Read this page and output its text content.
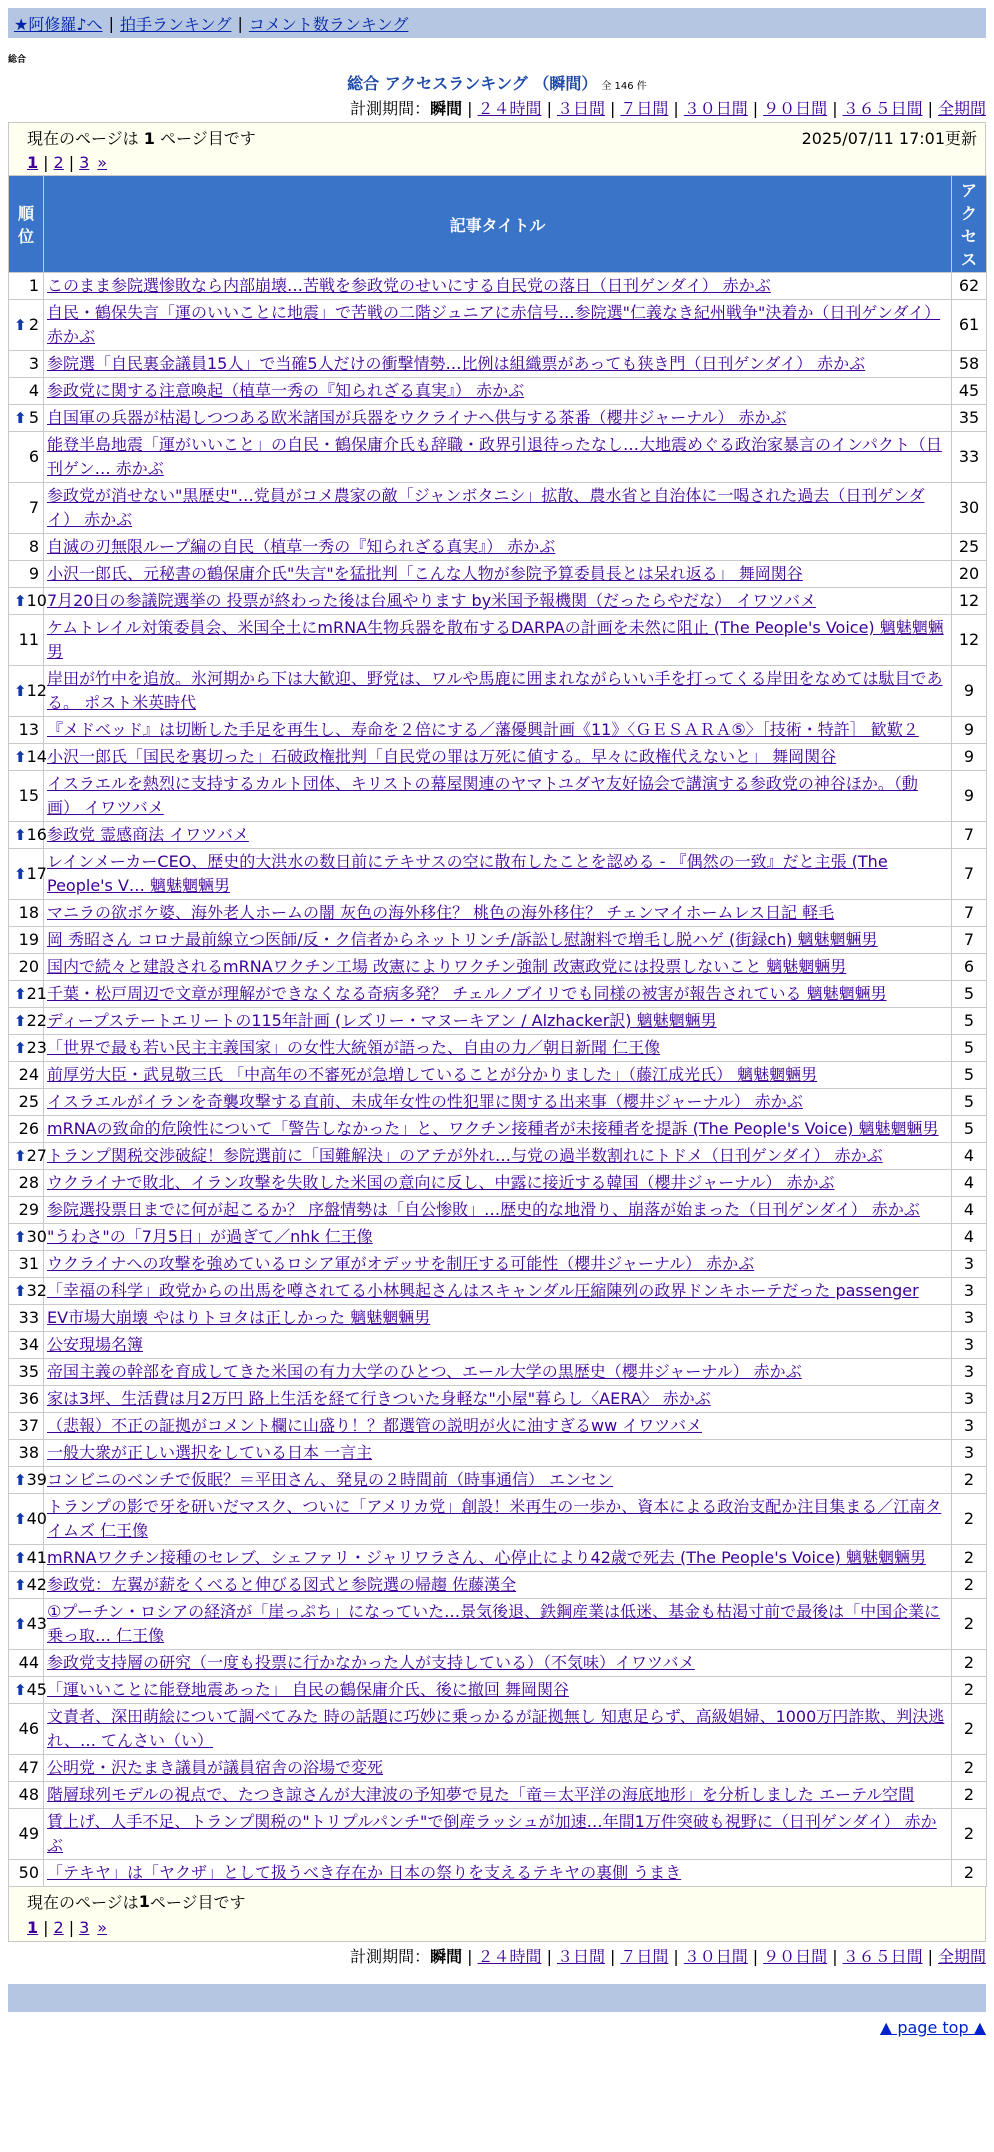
★阿修羅♪へ | 拍手ランキング | コメント数ランキング
総合
総合 アクセスランキング （瞬間） 全 146 件
計測期間：瞬間 | ２４時間 | ３日間 | ７日間 | ３０日間 | ９０日間 | ３６５日間 | 全期間
現在のページは 1 ページ目です	2025/07/11 17:01更新
1 | 2 | 3 »
順位	記事タイトル	アクセス
1	このまま参院選惨敗なら内部崩壊…苦戦を参政党のせいにする自民党の落日（日刊ゲンダイ） 赤かぶ	62

⬆ 2	自民・鶴保失言「運のいいことに地震」で苦戦の二階ジュニアに赤信号…参院選"仁義なき紀州戦争"決着か（日刊ゲンダイ） 赤かぶ	61
3	参院選「自民裏金議員15人」で当確5人だけの衝撃情勢…比例は組織票があっても狭き門（日刊ゲンダイ） 赤かぶ	58
4	参政党に関する注意喚起（植草一秀の『知られざる真実』） 赤かぶ	45

⬆ 5	自国軍の兵器が枯渇しつつある欧米諸国が兵器をウクライナへ供与する茶番（櫻井ジャーナル） 赤かぶ	35
6	能登半島地震「運がいいこと」の自民・鶴保庸介氏も辞職・政界引退待ったなし…大地震めぐる政治家暴言のインパクト（日刊ゲン… 赤かぶ	33
7	参政党が消せない"黒歴史"…党員がコメ農家の敵「ジャンボタニシ」拡散、農水省と自治体に一喝された過去（日刊ゲンダイ） 赤かぶ	30
8	自滅の刃無限ループ編の自民（植草一秀の『知られざる真実』） 赤かぶ	25
9	小沢一郎氏、元秘書の鶴保庸介氏"失言"を猛批判「こんな人物が参院予算委員長とは呆れ返る」 舞岡関谷	20

⬆ 10	7月20日の参議院選挙の 投票が終わった後は台風やります by米国予報機関（だったらやだな） イワツバメ	12
11	ケムトレイル対策委員会、米国全土にmRNA生物兵器を散布するDARPAの計画を未然に阻止 (The People's Voice) 魑魅魍魎男	12

⬆ 12	岸田が竹中を追放。氷河期から下は大歓迎、野党は、ワルや馬鹿に囲まれながらいい手を打ってくる岸田をなめては駄目である。 ポスト米英時代	9
13	『メドベッド』は切断した手足を再生し、寿命を２倍にする／藩優興計画《11》〈ＧＥＳＡＲＡ⑤〉［技術・特許］ 歓歎２	9

⬆ 14	小沢一郎氏「国民を裏切った」石破政権批判「自民党の罪は万死に値する。早々に政権代えないと」 舞岡関谷	9
15	イスラエルを熱烈に支持するカルト団体、キリストの幕屋関連のヤマトユダヤ友好協会で講演する参政党の神谷ほか。（動画） イワツバメ	9

⬆ 16	参政党 霊感商法 イワツバメ	7

⬆ 17	レインメーカーCEO、歴史的大洪水の数日前にテキサスの空に散布したことを認める - 『偶然の一致』だと主張 (The People's V… 魑魅魍魎男	7
18	マニラの欲ボケ婆、海外老人ホームの闇 灰色の海外移住？ 桃色の海外移住？ チェンマイホームレス日記 軽毛	7
19	岡 秀昭さん コロナ最前線立つ医師/反・ク信者からネットリンチ/訴訟し慰謝料で増毛し脱ハゲ (街録ch) 魑魅魍魎男	7
20	国内で続々と建設されるmRNAワクチン工場 改憲によりワクチン強制 改憲政党には投票しないこと 魑魅魍魎男	6

⬆ 21	千葉・松戸周辺で文章が理解ができなくなる奇病多発？ チェルノブイリでも同様の被害が報告されている 魑魅魍魎男	5

⬆ 22	ディープステートエリートの115年計画 (レズリー・マヌーキアン / Alzhacker訳) 魑魅魍魎男	5

⬆ 23	「世界で最も若い民主主義国家」の女性大統領が語った、自由の力／朝日新聞 仁王像	5
24	前厚労大臣・武見敬三氏 「中高年の不審死が急増していることが分かりました」（藤江成光氏） 魑魅魍魎男	5
25	イスラエルがイランを奇襲攻撃する直前、未成年女性の性犯罪に関する出来事（櫻井ジャーナル） 赤かぶ	5
26	mRNAの致命的危険性について「警告しなかった」と、ワクチン接種者が未接種者を提訴 (The People's Voice) 魑魅魍魎男	5

⬆ 27	トランプ関税交渉破綻！参院選前に「国難解決」のアテが外れ…与党の過半数割れにトドメ（日刊ゲンダイ） 赤かぶ	4
28	ウクライナで敗北、イラン攻撃を失敗した米国の意向に反し、中露に接近する韓国（櫻井ジャーナル） 赤かぶ	4
29	参院選投票日までに何が起こるか？ 序盤情勢は「自公惨敗」…歴史的な地滑り、崩落が始まった（日刊ゲンダイ） 赤かぶ	4

⬆ 30	"うわさ"の「7月5日」が過ぎて／nhk 仁王像	4
31	ウクライナへの攻撃を強めているロシア軍がオデッサを制圧する可能性（櫻井ジャーナル） 赤かぶ	3

⬆ 32	「幸福の科学」政党からの出馬を噂されてる小林興起さんはスキャンダル圧縮陳列の政界ドンキホーテだった passenger	3
33	EV市場大崩壊 やはりトヨタは正しかった 魑魅魍魎男	3
34	公安現場名簿	3
35	帝国主義の幹部を育成してきた米国の有力大学のひとつ、エール大学の黒歴史（櫻井ジャーナル） 赤かぶ	3
36	家は3坪、生活費は月2万円 路上生活を経て行きついた身軽な"小屋"暮らし〈AERA〉 赤かぶ	3
37	（悲報）不正の証拠がコメント欄に山盛り！？都選管の説明が火に油すぎるww イワツバメ	3
38	一般大衆が正しい選択をしている日本 一言主	3

⬆ 39	コンビニのベンチで仮眠？＝平田さん、発見の２時間前（時事通信） エンセン	2

⬆ 40	トランプの影で牙を研いだマスク、ついに「アメリカ党」創設！米再生の一歩か、資本による政治支配か注目集まる／江南タイムズ 仁王像	2

⬆ 41	mRNAワクチン接種のセレブ、シェファリ・ジャリワラさん、心停止により42歳で死去 (The People's Voice) 魑魅魍魎男	2

⬆ 42	参政党：左翼が薪をくべると伸びる図式と参院選の帰趨 佐藤漢全	2

⬆ 43	①プーチン・ロシアの経済が「崖っぷち」になっていた…景気後退、鉄鋼産業は低迷、基金も枯渇寸前で最後は「中国企業に乗っ取… 仁王像	2
44	参政党支持層の研究（一度も投票に行かなかった人が支持している）（不気味）イワツバメ	2

⬆ 45	「運いいことに能登地震あった」 自民の鶴保庸介氏、後に撤回 舞岡関谷	2
46	文責者、深田萌絵について調べてみた 時の話題に巧妙に乗っかるが証拠無し 知恵足らず、高級娼婦、1000万円詐欺、判決逃れ、… てんさい（い）	2
47	公明党・沢たまき議員が議員宿舎の浴場で変死	2
48	階層球列モデルの視点で、たつき諒さんが大津波の予知夢で見た「竜＝太平洋の海底地形」を分析しました エーテル空間	2
49	賃上げ、人手不足、トランプ関税の"トリプルパンチ"で倒産ラッシュが加速…年間1万件突破も視野に（日刊ゲンダイ） 赤かぶ	2
50	「テキヤ」は「ヤクザ」として扱うべき存在か 日本の祭りを支えるテキヤの裏側 うまき	2
現在のページは 1 ページ目です
1 | 2 | 3 »
計測期間：瞬間 | ２４時間 | ３日間 | ７日間 | ３０日間 | ９０日間 | ３６５日間 | 全期間
▲ page top ▲
